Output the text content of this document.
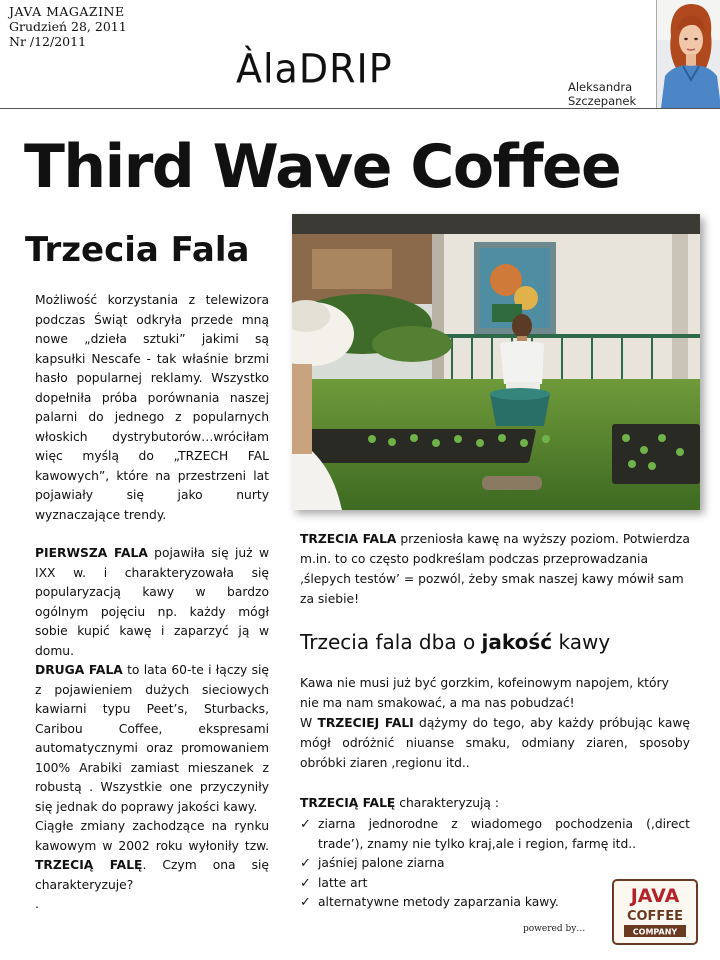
JAVA MAGAZINE
Grudzień 28, 2011
Nr /12/2011
ÀlaDRIP	Aleksandra
Szczepanek
Third Wave Coffee
Trzecia Fala

Możliwość korzystania z telewizora podczas Świąt odkryła przede mną nowe „dzieła sztuki” jakimi są kapsułki Nescafe - tak właśnie brzmi hasło popularnej reklamy. Wszystko dopełniła próba porównania naszej palarni do jednego z popularnych włoskich dystrybutorów…wróciłam więc myślą do „TRZECH FAL kawowych”, które na przestrzeni lat pojawiały się jako nurty wyznaczające trendy.

PIERWSZA FALA pojawiła się już w IXX w. i charakteryzowała się popularyzacją kawy w bardzo ogólnym pojęciu np. każdy mógł sobie kupić kawę i zaparzyć ją w domu.

DRUGA FALA to lata 60-te i łączy się z pojawieniem dużych sieciowych kawiarni typu Peet’s, Sturbacks, Caribou Coffee, ekspresami automatycznymi oraz promowaniem 100% Arabiki zamiast mieszanek z robustą . Wszystkie one przyczyniły się jednak do poprawy jakości kawy.

Ciągłe zmiany zachodzące na rynku kawowym w 2002 roku wyłoniły tzw. TRZECIĄ FALĘ. Czym ona się charakteryzuje?

.

TRZECIA FALA przeniosła kawę na wyższy poziom. Potwierdza m.in. to co często podkreślam podczas przeprowadzania ‚ślepych testów’ = pozwól, żeby smak naszej kawy mówił sam za siebie!

Trzecia fala dba o jakość kawy

Kawa nie musi już być gorzkim, kofeinowym napojem, który nie ma nam smakować, a ma nas pobudzać!

W TRZECIEJ FALI dążymy do tego, aby każdy próbując kawę mógł odróżnić niuanse smaku, odmiany ziaren, sposoby obróbki ziaren ,regionu itd..

TRZECIĄ FALĘ charakteryzują :

✓ ziarna jednorodne z wiadomego pochodzenia (‚direct trade’), znamy nie tylko kraj,ale i region, farmę itd..
✓ jaśniej palone ziarna
✓ latte art
✓ alternatywne metody zaparzania kawy.
powered by…
JAVA
COFFEE
COMPANY
